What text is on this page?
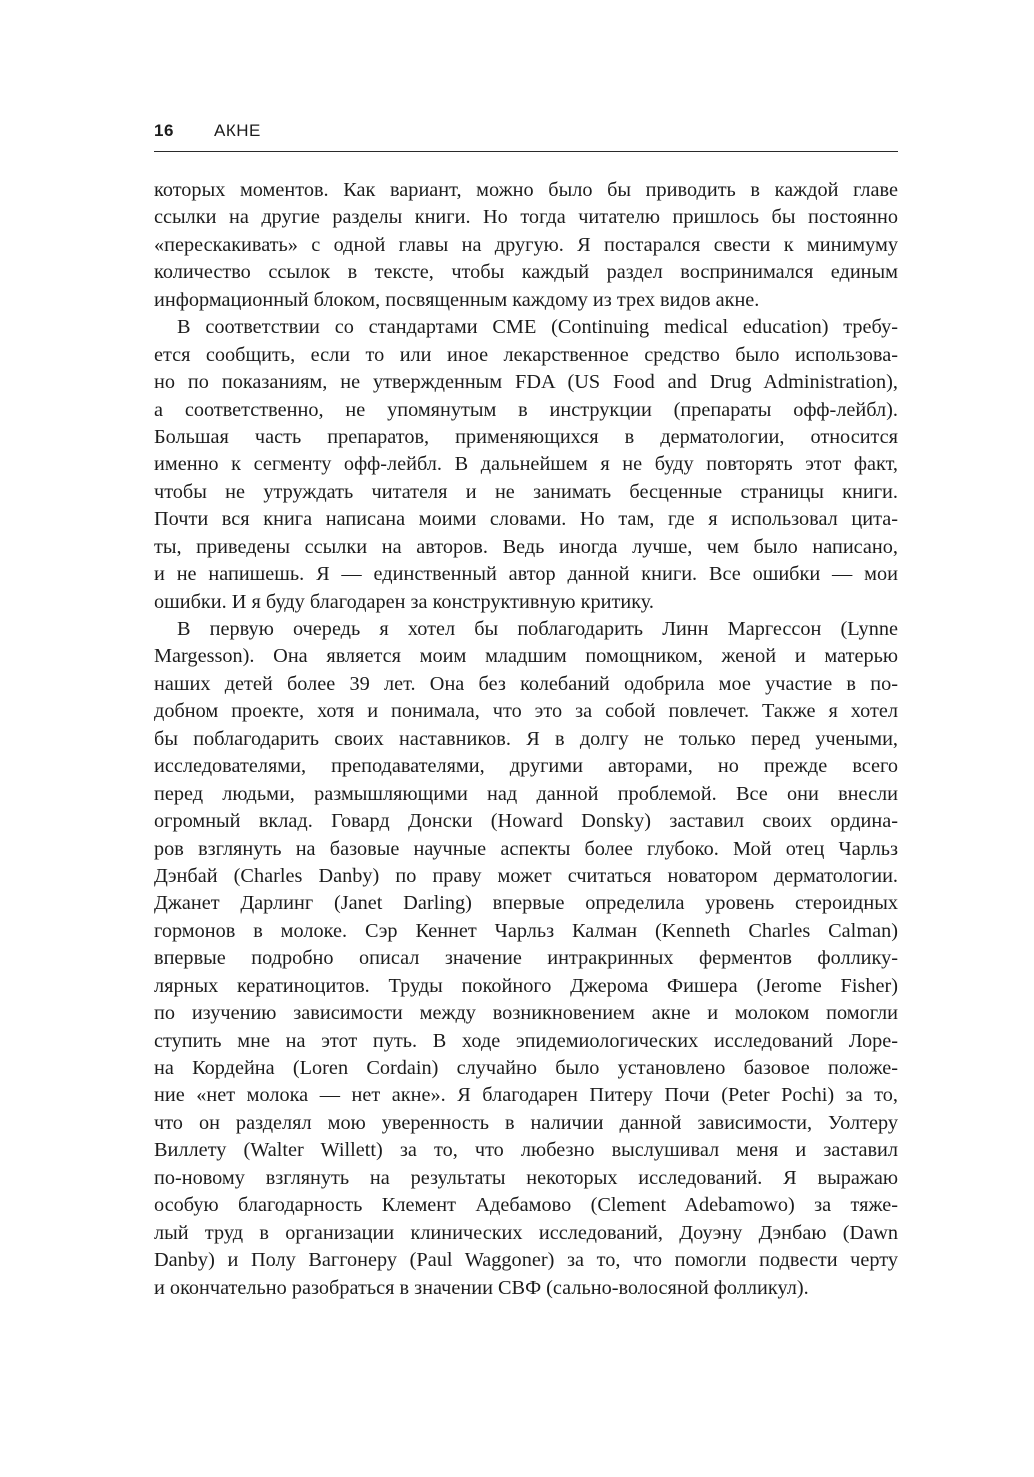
16 АКНЕ
которых моментов. Как вариант, можно было бы приводить в каждой главе
ссылки на другие разделы книги. Но тогда читателю пришлось бы постоянно
«перескакивать» с одной главы на другую. Я постарался свести к минимуму
количество ссылок в тексте, чтобы каждый раздел воспринимался единым
информационный блоком, посвященным каждому из трех видов акне.
В соответствии со стандартами CME (Continuing medical education) требу-
ется сообщить, если то или иное лекарственное средство было использова-
но по показаниям, не утвержденным FDA (US Food and Drug Administration),
а соответственно, не упомянутым в инструкции (препараты офф-лейбл).
Большая часть препаратов, применяющихся в дерматологии, относится
именно к сегменту офф-лейбл. В дальнейшем я не буду повторять этот факт,
чтобы не утруждать читателя и не занимать бесценные страницы книги.
Почти вся книга написана моими словами. Но там, где я использовал цита-
ты, приведены ссылки на авторов. Ведь иногда лучше, чем было написано,
и не напишешь. Я — единственный автор данной книги. Все ошибки — мои
ошибки. И я буду благодарен за конструктивную критику.
В первую очередь я хотел бы поблагодарить Линн Маргессон (Lynne
Margesson). Она является моим младшим помощником, женой и матерью
наших детей более 39 лет. Она без колебаний одобрила мое участие в по-
добном проекте, хотя и понимала, что это за собой повлечет. Также я хотел
бы поблагодарить своих наставников. Я в долгу не только перед учеными,
исследователями, преподавателями, другими авторами, но прежде всего
перед людьми, размышляющими над данной проблемой. Все они внесли
огромный вклад. Говард Донски (Howard Donsky) заставил своих ордина-
ров взглянуть на базовые научные аспекты более глубоко. Мой отец Чарльз
Дэнбай (Charles Danby) по праву может считаться новатором дерматологии.
Джанет Дарлинг (Janet Darling) впервые определила уровень стероидных
гормонов в молоке. Сэр Кеннет Чарльз Калман (Kenneth Charles Calman)
впервые подробно описал значение интракринных ферментов фоллику-
лярных кератиноцитов. Труды покойного Джерома Фишера (Jerome Fisher)
по изучению зависимости между возникновением акне и молоком помогли
ступить мне на этот путь. В ходе эпидемиологических исследований Лоре-
на Кордейна (Loren Cordain) случайно было установлено базовое положе-
ние «нет молока — нет акне». Я благодарен Питеру Почи (Peter Pochi) за то,
что он разделял мою уверенность в наличии данной зависимости, Уолтеру
Виллету (Walter Willett) за то, что любезно выслушивал меня и заставил
по-новому взглянуть на результаты некоторых исследований. Я выражаю
особую благодарность Клемент Адебамово (Clement Adebamowo) за тяже-
лый труд в организации клинических исследований, Доуэну Дэнбаю (Dawn
Danby) и Полу Ваггонеру (Paul Waggoner) за то, что помогли подвести черту
и окончательно разобраться в значении СВФ (сально-волосяной фолликул).
